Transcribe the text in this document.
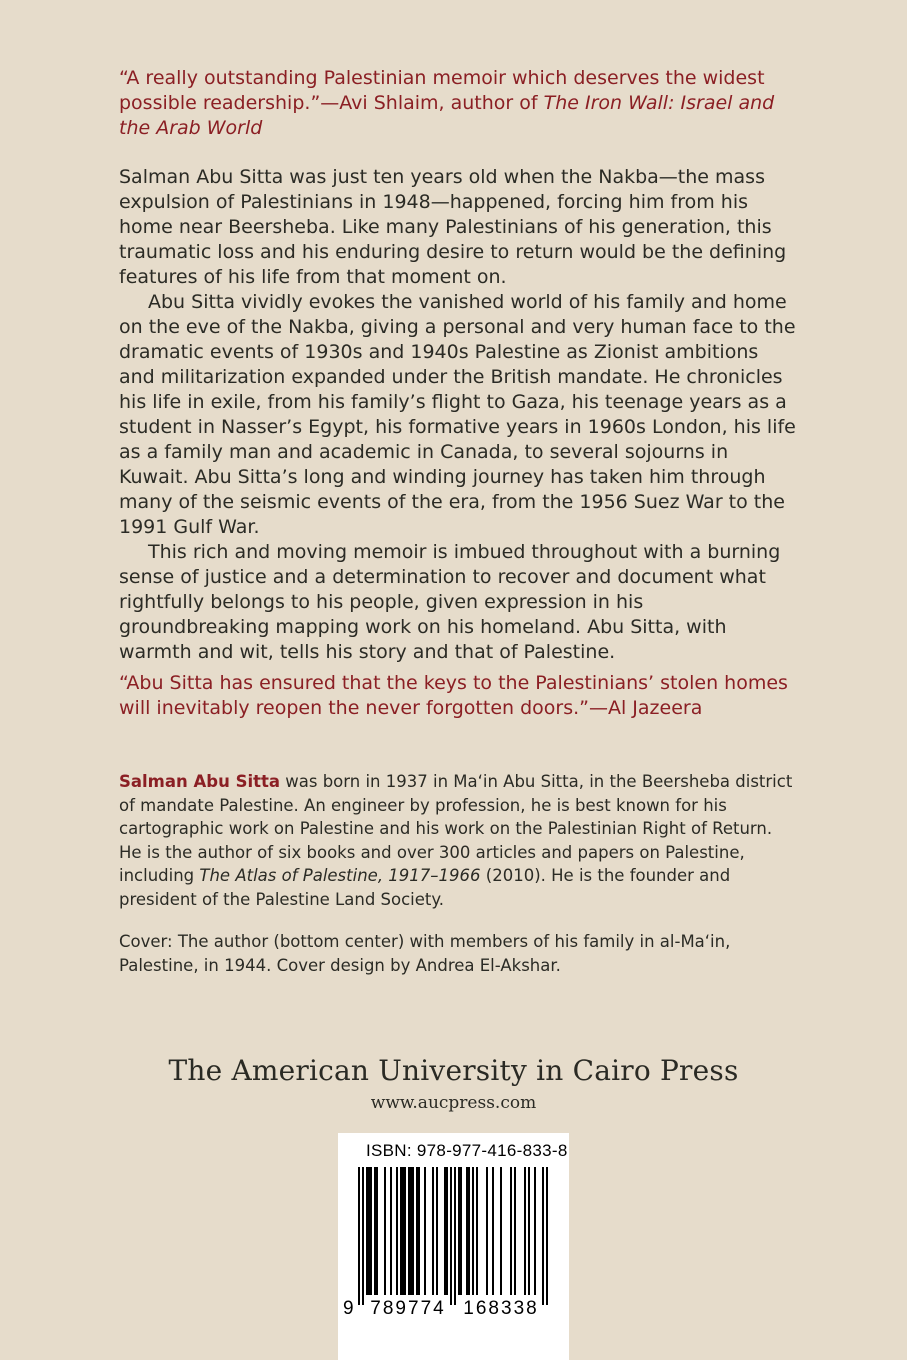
“A really outstanding Palestinian memoir which deserves the widest possible readership.”—Avi Shlaim, author of The Iron Wall: Israel and the Arab World

Salman Abu Sitta was just ten years old when the Nakba—the mass expulsion of Palestinians in 1948—happened, forcing him from his home near Beersheba. Like many Palestinians of his generation, this traumatic loss and his enduring desire to return would be the defining features of his life from that moment on.

Abu Sitta vividly evokes the vanished world of his family and home on the eve of the Nakba, giving a personal and very human face to the dramatic events of 1930s and 1940s Palestine as Zionist ambitions and militarization expanded under the British mandate. He chronicles his life in exile, from his family’s flight to Gaza, his teenage years as a student in Nasser’s Egypt, his formative years in 1960s London, his life as a family man and academic in Canada, to several sojourns in Kuwait. Abu Sitta’s long and winding journey has taken him through many of the seismic events of the era, from the 1956 Suez War to the 1991 Gulf War.

This rich and moving memoir is imbued throughout with a burning sense of justice and a determination to recover and document what rightfully belongs to his people, given expression in his groundbreaking mapping work on his homeland. Abu Sitta, with warmth and wit, tells his story and that of Palestine.

“Abu Sitta has ensured that the keys to the Palestinians’ stolen homes will inevitably reopen the never forgotten doors.”—Al Jazeera
Salman Abu Sitta was born in 1937 in Ma‘in Abu Sitta, in the Beersheba district of mandate Palestine. An engineer by profession, he is best known for his cartographic work on Palestine and his work on the Palestinian Right of Return. He is the author of six books and over 300 articles and papers on Palestine, including The Atlas of Palestine, 1917–1966 (2010). He is the founder and president of the Palestine Land Society.
Cover: The author (bottom center) with members of his family in al-Ma‘in, Palestine, in 1944. Cover design by Andrea El-Akshar.
The American University in Cairo Press
www.aucpress.com
ISBN: 978-977-416-833-8
9 789774 168338
